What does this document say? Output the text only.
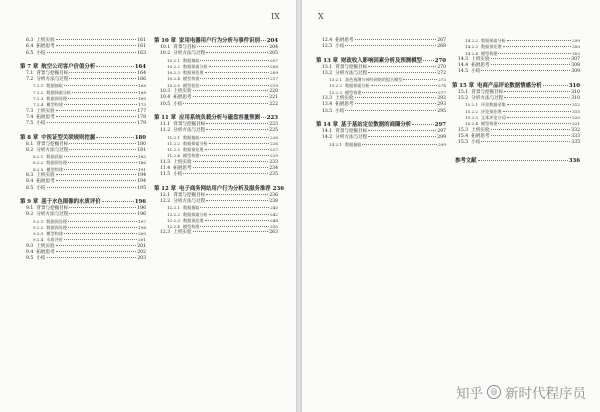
IX
6.3 上机实验	161
6.4 拓展思考	161
6.5 小结	163
第 7 章 航空公司客户价值分析	164
7.1 背景与挖掘目标	164
7.2 分析方法与过程	166
7.2.1 数据抽取	168
7.2.2 数据探索分析	168
7.2.3 数据预处理	169
7.2.4 模型构建	173
7.3 上机实验	177
7.4 拓展思考	178
7.5 小结	179
第 8 章 中医证型关联规则挖掘	180
8.1 背景与挖掘目标	180
8.2 分析方法与过程	181
8.2.1 数据获取	183
8.2.2 数据预处理	186
8.2.3 模型构建	191
8.3 上机实验	194
8.4 拓展思考	194
8.5 小结	195
第 9 章 基于水色图像的水质评价	196
9.1 背景与挖掘目标	196
9.2 分析方法与过程	196
9.2.1 数据预处理	197
9.2.2 数据预处理	198
9.2.3 模型构建	200
9.2.4 水质评价	201
9.3 上机实验	201
9.4 拓展思考	202
9.5 小结	203
第 10 章 家用电器用户行为分析与事件识别 204
10.1 背景与目标	204
10.2 分析方法与过程	205
10.2.1 数据抽取	207
10.2.2 数据探索分析	208
10.2.3 数据预处理	209
10.2.4 模型构建	217
10.2.5 模型检验	219
10.3 上机实验	220
10.4 拓展思考	221
10.5 小结	222
第 11 章 应用系统负载分析与磁盘容量预测 223
11.1 背景与挖掘目标	223
11.2 分析方法与过程	225
11.2.1 数据抽取	226
11.2.2 数据探索分析	226
11.2.3 数据预处理	227
11.2.4 模型构建	229
11.3 上机实验	233
11.4 拓展思考	234
11.5 小结	235
第 12 章 电子商务网站用户行为分析及服务推荐 236
12.1 背景与挖掘目标	236
12.2 分析方法与过程	238
12.2.1 数据抽取	240
12.2.2 数据探索分析	242
12.2.3 数据预处理	248
12.2.4 模型构建	255
12.3 上机实验	263
X
12.4 拓展思考	267
12.5 小结	268
第 13 章 财政收入影响因素分析及预测模型 270
13.1 背景与挖掘目标	270
13.2 分析方法与过程	272
13.2.1 灰色预测与神经网络的组合模型	273
13.2.2 数据探索分析	274
13.2.3 模型构建	277
13.3 上机实验	292
13.4 拓展思考	293
13.5 小结	295
第 14 章 基于基站定位数据的商圈分析	297
14.1 背景与挖掘目标	297
14.2 分析方法与过程	299
14.2.1 数据抽取	299
14.2.2 数据探索分析	299
14.2.3 数据预处理	300
14.2.4 模型构建	303
14.3 上机实验	307
14.4 拓展思考	308
14.5 小结	309
第 15 章 电商产品评论数据情感分析	310
15.1 背景与挖掘目标	310
15.2 分析方法与过程	310
15.2.1 评论数据采集	312
15.2.2 评论预处理	315
15.2.3 文本评论分词	320
15.2.4 模型构建	321
15.3 上机实验	332
15.4 拓展思考	333
15.5 小结	335
参考文献	336
知乎	@ 新时代程序员
